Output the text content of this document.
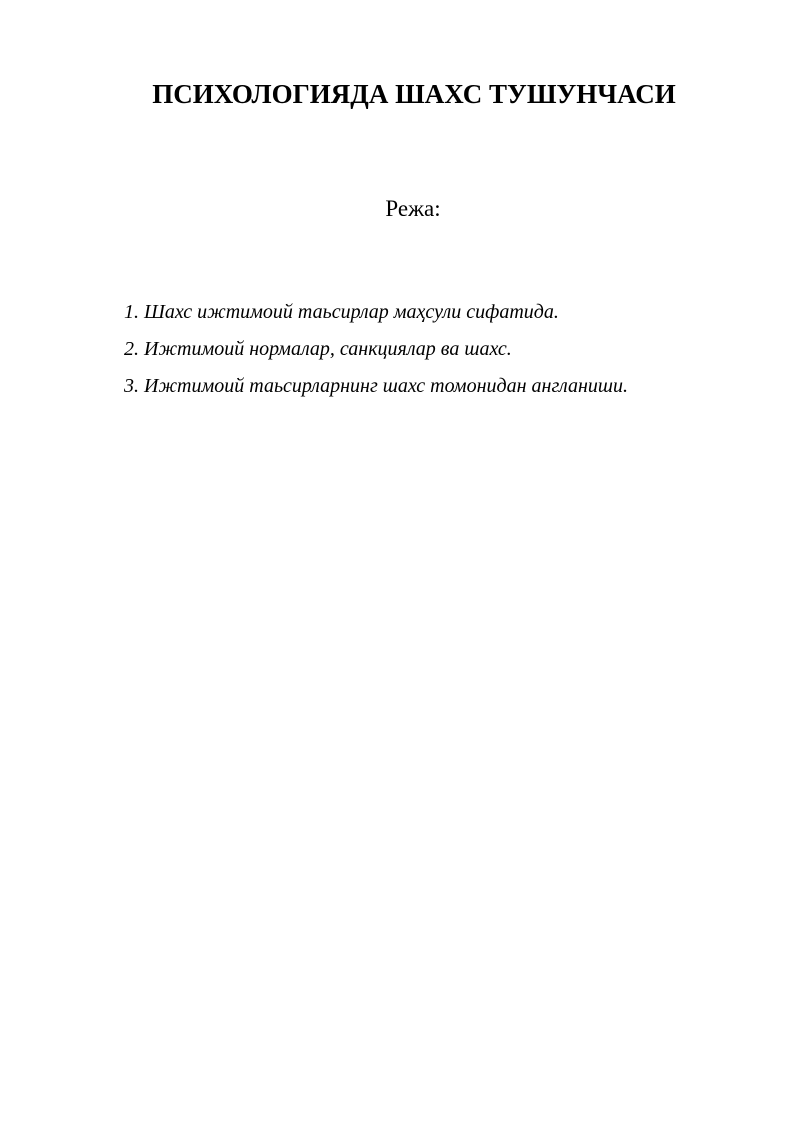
ПСИХОЛОГИЯДА ШАХС ТУШУНЧАСИ

Режа:

1. Шахс ижтимоий таьсирлар маҳсули сифатида.
2. Ижтимоий нормалар, санкциялар ва шахс.
3. Ижтимоий таьсирларнинг шахс томонидан англаниши.
